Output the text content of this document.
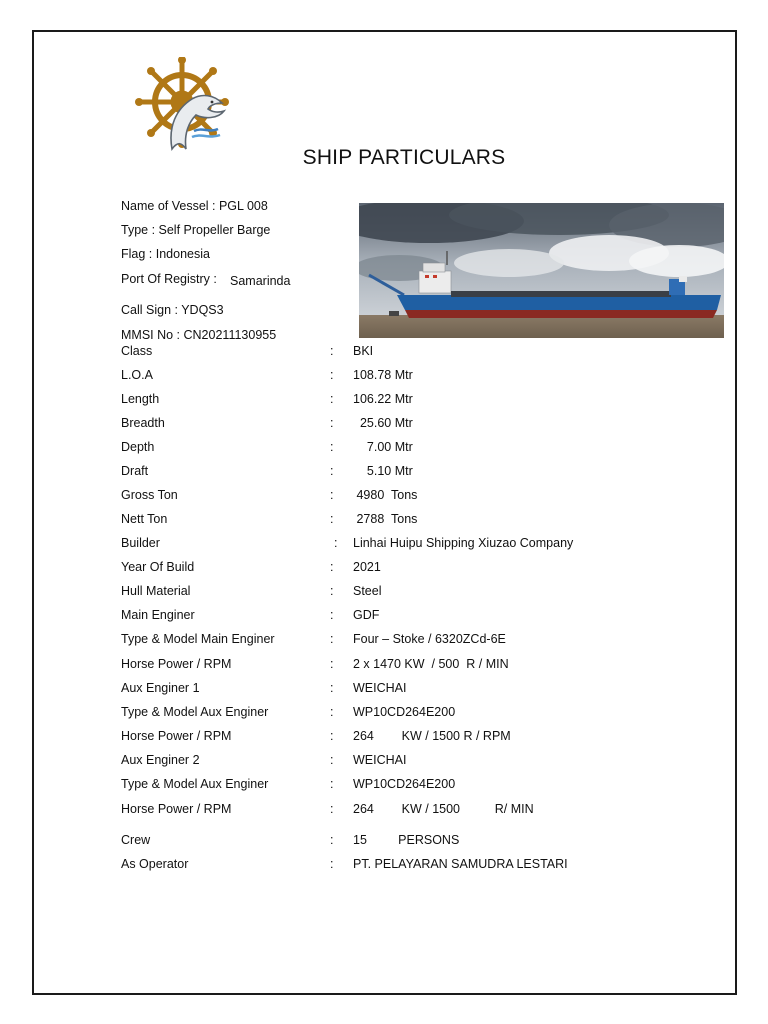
SHIP PARTICULARS
Name of Vessel : PGL 008
Type : Self Propeller Barge
Flag : Indonesia
Port Of Registry : Samarinda
Call Sign : YDQS3
MMSI No : CN20211130955
Class	: BKI
L.O.A	: 108.78 Mtr
Length	: 106.22 Mtr
Breadth	: 25.60 Mtr
Depth	: 7.00 Mtr
Draft	: 5.10 Mtr
Gross Ton	: 4980  Tons
Nett Ton	: 2788  Tons
Builder	: Linhai Huipu Shipping Xiuzao Company
Year Of Build	: 2021
Hull Material	: Steel
Main Enginer	: GDF
Type & Model Main Enginer	: Four – Stoke / 6320ZCd-6E
Horse Power / RPM	: 2 x 1470 KW  / 500  R / MIN
Aux Enginer 1	: WEICHAI
Type & Model Aux Enginer	: WP10CD264E200
Horse Power / RPM	: 264        KW / 1500 R / RPM
Aux Enginer 2	: WEICHAI
Type & Model Aux Enginer	: WP10CD264E200
Horse Power / RPM	: 264        KW / 1500          R/ MIN
Crew	: 15         PERSONS
As Operator	: PT. PELAYARAN SAMUDRA LESTARI
